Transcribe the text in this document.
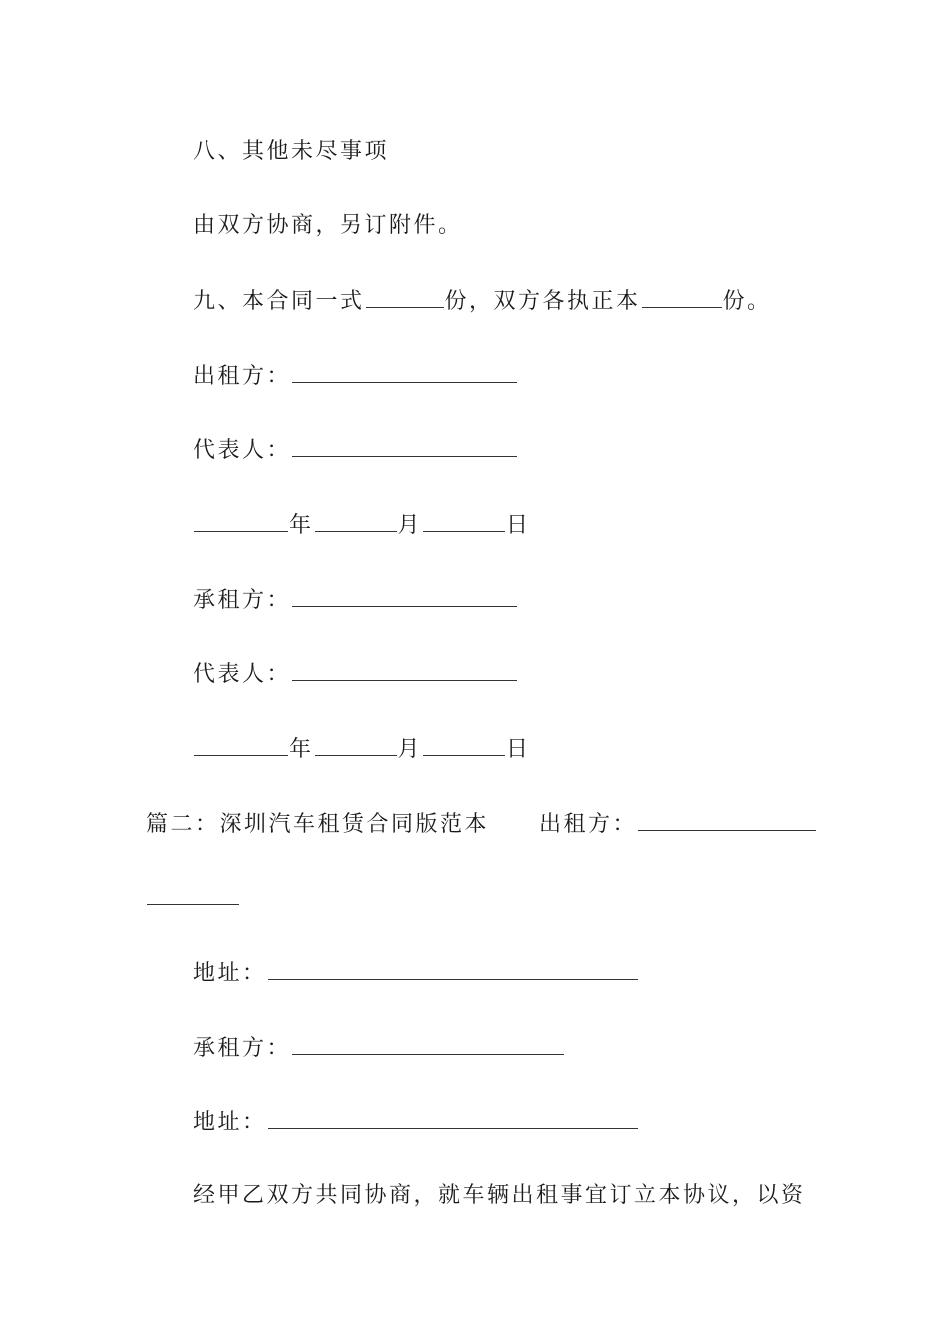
八、其他未尽事项
由双方协商，另订附件。
九、本合同一式	份，双方各执正本	份。
出租方：
代表人：
年	月	日
承租方：
代表人：
年	月	日
篇二：深圳汽车租赁合同版范本 出租方：
地址：
承租方：
地址：
经甲乙双方共同协商，就车辆出租事宜订立本协议，以资
